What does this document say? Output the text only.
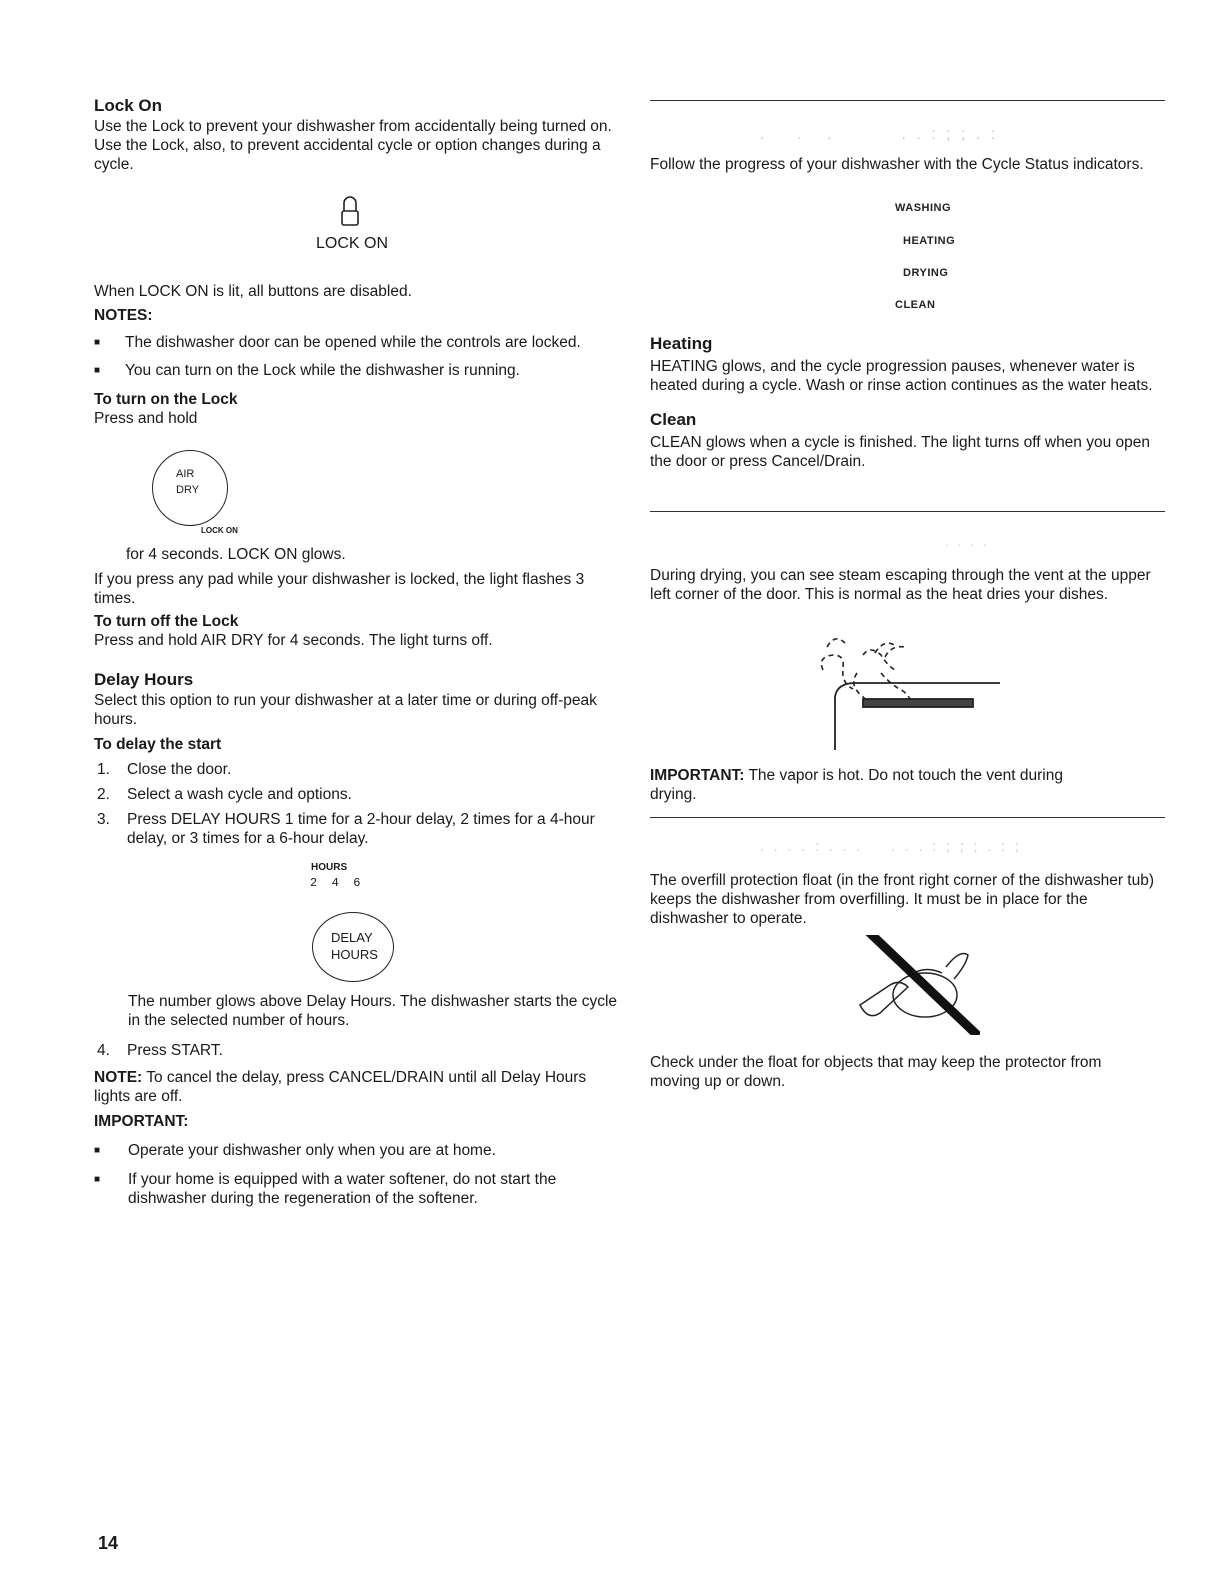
Lock On

Use the Lock to prevent your dishwasher from accidentally being turned on. Use the Lock, also, to prevent accidental cycle or option changes during a cycle.

LOCK ON

When LOCK ON is lit, all buttons are disabled.

NOTES:
■ The dishwasher door can be opened while the controls are locked.
■ You can turn on the Lock while the dishwasher is running.
To turn on the Lock

Press and hold

AIR
DRY
LOCK ON

for 4 seconds. LOCK ON glows.

If you press any pad while your dishwasher is locked, the light flashes 3 times.

To turn off the Lock

Press and hold AIR DRY for 4 seconds. The light turns off.

Delay Hours

Select this option to run your dishwasher at a later time or during off-peak hours.

To delay the start
1. Close the door.
2. Select a wash cycle and options.
3. Press DELAY HOURS 1 time for a 2-hour delay, 2 times for a 4-hour delay, or 3 times for a 6-hour delay.
HOURS
2  4  6
DELAY
HOURS

The number glows above Delay Hours. The dishwasher starts the cycle in the selected number of hours.

4. Press START.

NOTE: To cancel the delay, press CANCEL/DRAIN until all Delay Hours lights are off.

IMPORTANT:
■ Operate your dishwasher only when you are at home.
■ If your home is equipped with a water softener, do not start the dishwasher during the regeneration of the softener.
.    .   .         . . : ; ; . :

Follow the progress of your dishwasher with the Cycle Status indicators.

WASHING
HEATING
DRYING
CLEAN
Heating

HEATING glows, and the cycle progression pauses, whenever water is heated during a cycle. Wash or rinse action continues as the water heats.

Clean

CLEAN glows when a cycle is finished. The light turns off when you open the door or press Cancel/Drain.

. . . .

During drying, you can see steam escaping through the vent at the upper left corner of the door. This is normal as the heat dries your dishes.

IMPORTANT: The vapor is hot. Do not touch the vent during drying.

. . . . : . . .    . . . : ; ; ; . : ;

The overfill protection float (in the front right corner of the dishwasher tub) keeps the dishwasher from overfilling. It must be in place for the dishwasher to operate.

Check under the float for objects that may keep the protector from moving up or down.

14
